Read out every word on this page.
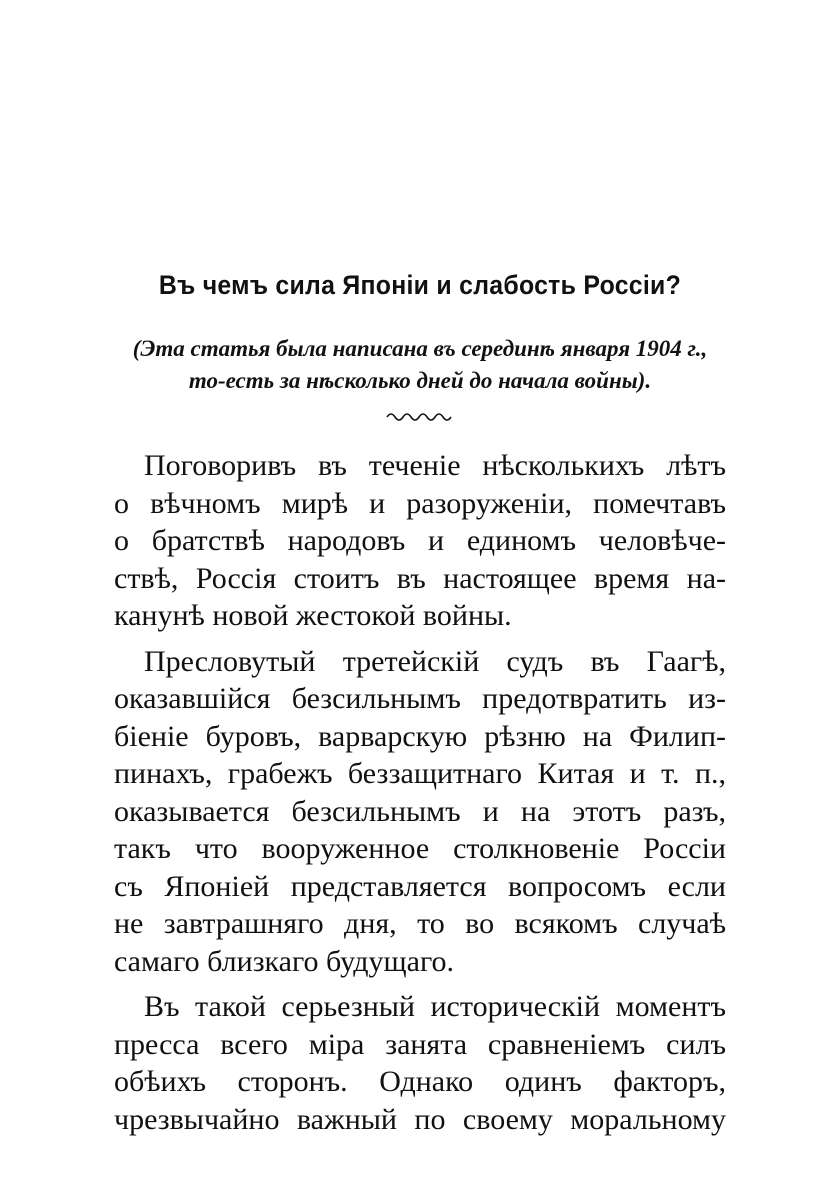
Въ чемъ сила Японіи и слабость Россіи?
(Эта статья была написана въ серединѣ января 1904 г.,
то-есть за нѣсколько дней до начала войны).
Поговоривъ въ теченіе нѣсколькихъ лѣтъ
о вѣчномъ мирѣ и разоруженіи, помечтавъ
о братствѣ народовъ и единомъ человѣче-
ствѣ, Россія стоитъ въ настоящее время на-
канунѣ новой жестокой войны.
Пресловутый третейскій судъ въ Гаагѣ,
оказавшійся безсильнымъ предотвратить из-
біеніе буровъ, варварскую рѣзню на Филип-
пинахъ, грабежъ беззащитнаго Китая и т. п.,
оказывается безсильнымъ и на этотъ разъ,
такъ что вооруженное столкновеніе Россіи
съ Японіей представляется вопросомъ если
не завтрашняго дня, то во всякомъ случаѣ
самаго близкаго будущаго.
Въ такой серьезный историческій моментъ
пресса всего міра занята сравненіемъ силъ
обѣихъ сторонъ. Однако одинъ факторъ,
чрезвычайно важный по своему моральному
